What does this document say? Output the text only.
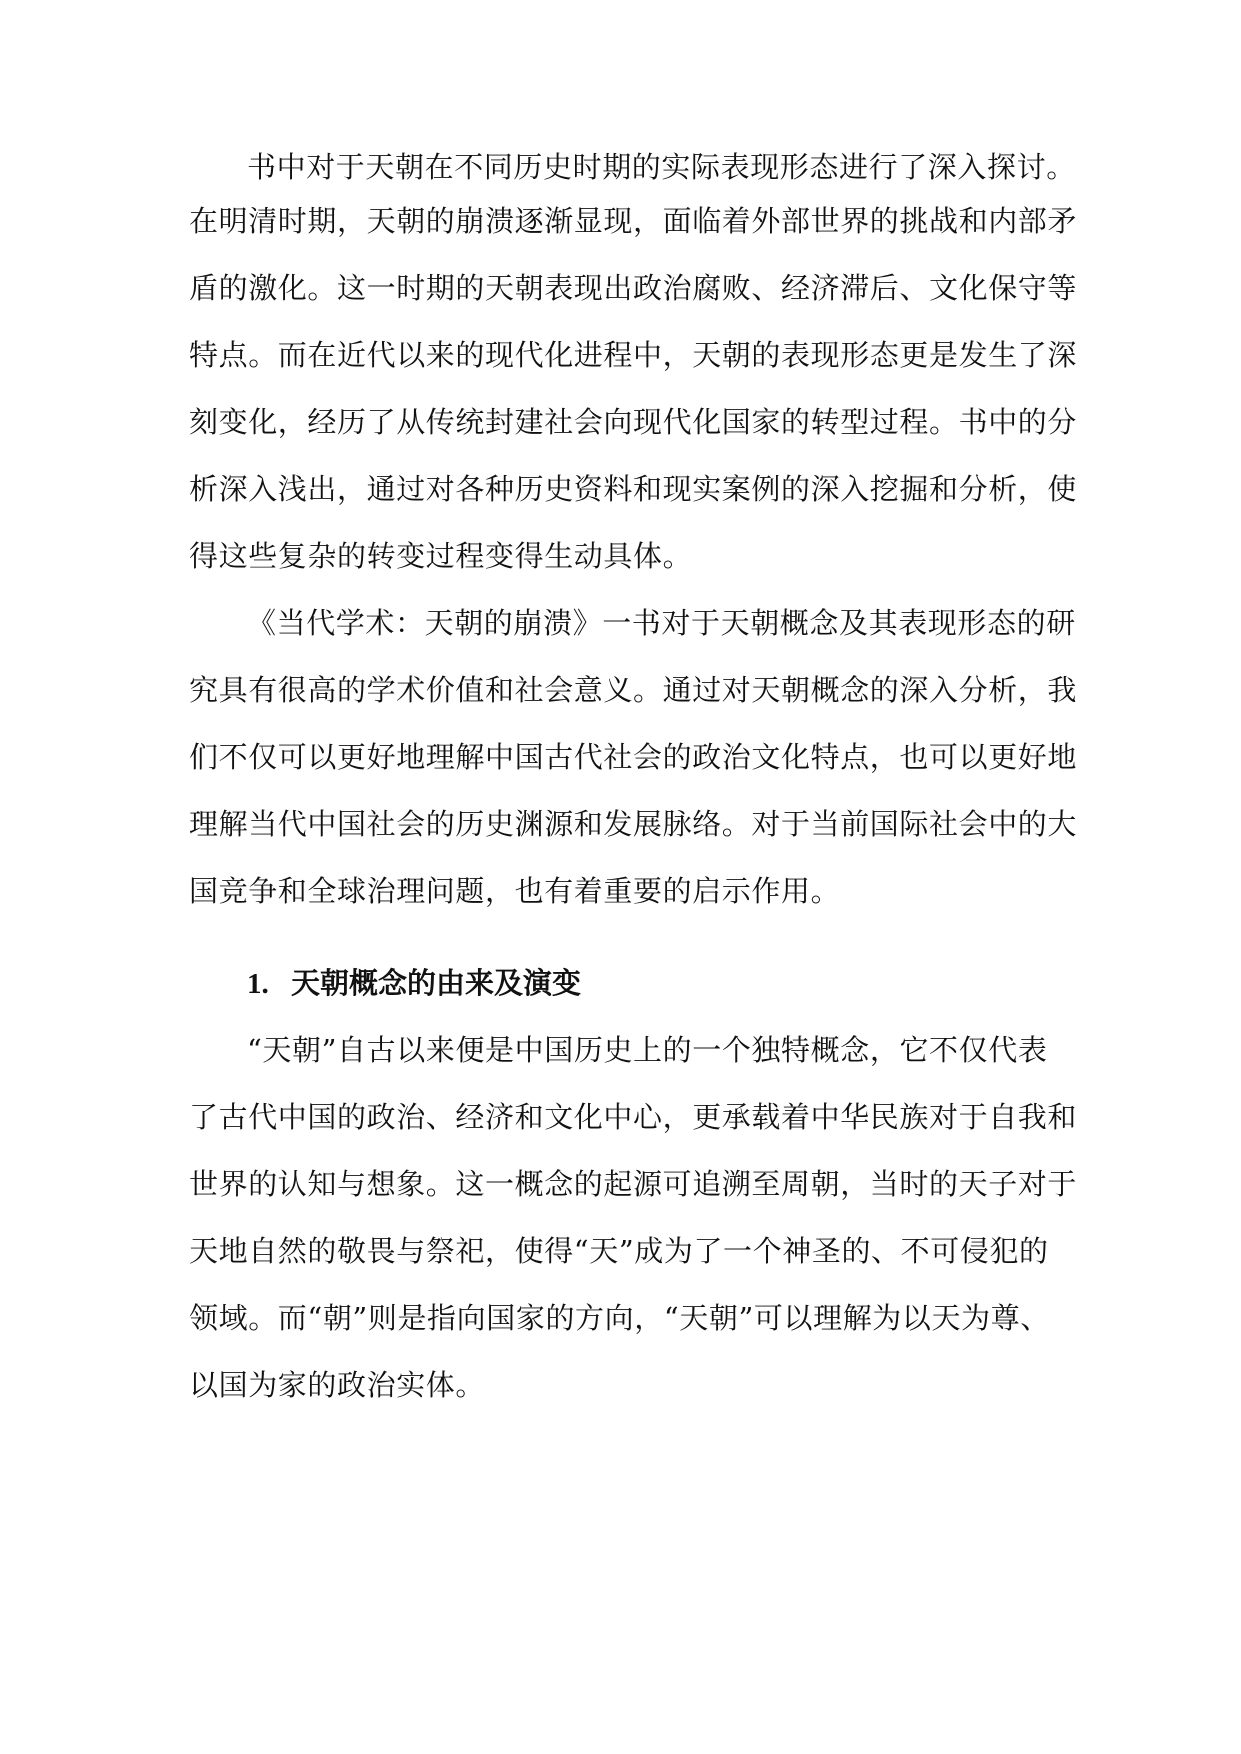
书中对于天朝在不同历史时期的实际表现形态进行了深入探讨。
在明清时期，天朝的崩溃逐渐显现，面临着外部世界的挑战和内部矛
盾的激化。这一时期的天朝表现出政治腐败、经济滞后、文化保守等
特点。而在近代以来的现代化进程中，天朝的表现形态更是发生了深
刻变化，经历了从传统封建社会向现代化国家的转型过程。书中的分
析深入浅出，通过对各种历史资料和现实案例的深入挖掘和分析，使
得这些复杂的转变过程变得生动具体。
《当代学术：天朝的崩溃》一书对于天朝概念及其表现形态的研
究具有很高的学术价值和社会意义。通过对天朝概念的深入分析，我
们不仅可以更好地理解中国古代社会的政治文化特点，也可以更好地
理解当代中国社会的历史渊源和发展脉络。对于当前国际社会中的大
国竞争和全球治理问题，也有着重要的启示作用。
1. 天朝概念的由来及演变
“天朝”自古以来便是中国历史上的一个独特概念，它不仅代表
了古代中国的政治、经济和文化中心，更承载着中华民族对于自我和
世界的认知与想象。这一概念的起源可追溯至周朝，当时的天子对于
天地自然的敬畏与祭祀，使得“天”成为了一个神圣的、不可侵犯的
领域。而“朝”则是指向国家的方向，“天朝”可以理解为以天为尊、
以国为家的政治实体。
